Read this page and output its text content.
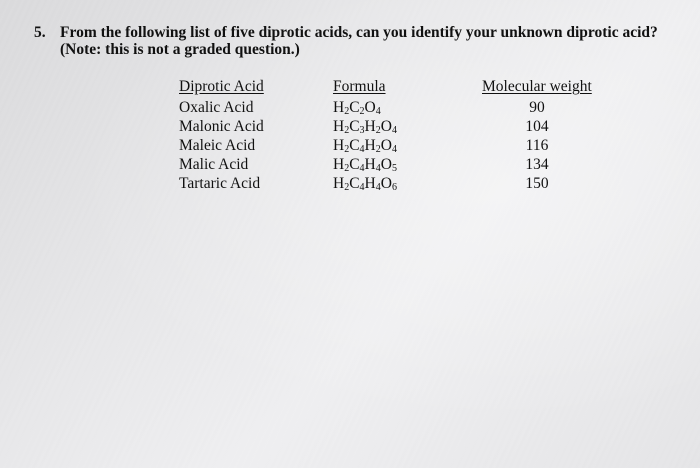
5. From the following list of five diprotic acids, can you identify your unknown diprotic acid?
(Note: this is not a graded question.)
Diprotic Acid	Formula	Molecular weight
Oxalic Acid	$H_2C_2O_4$	90
Malonic Acid	$H_2C_3H_2O_4$	104
Maleic Acid	$H_2C_4H_2O_4$	116
Malic Acid	$H_2C_4H_4O_5$	134
Tartaric Acid	$H_2C_4H_4O_6$	150
